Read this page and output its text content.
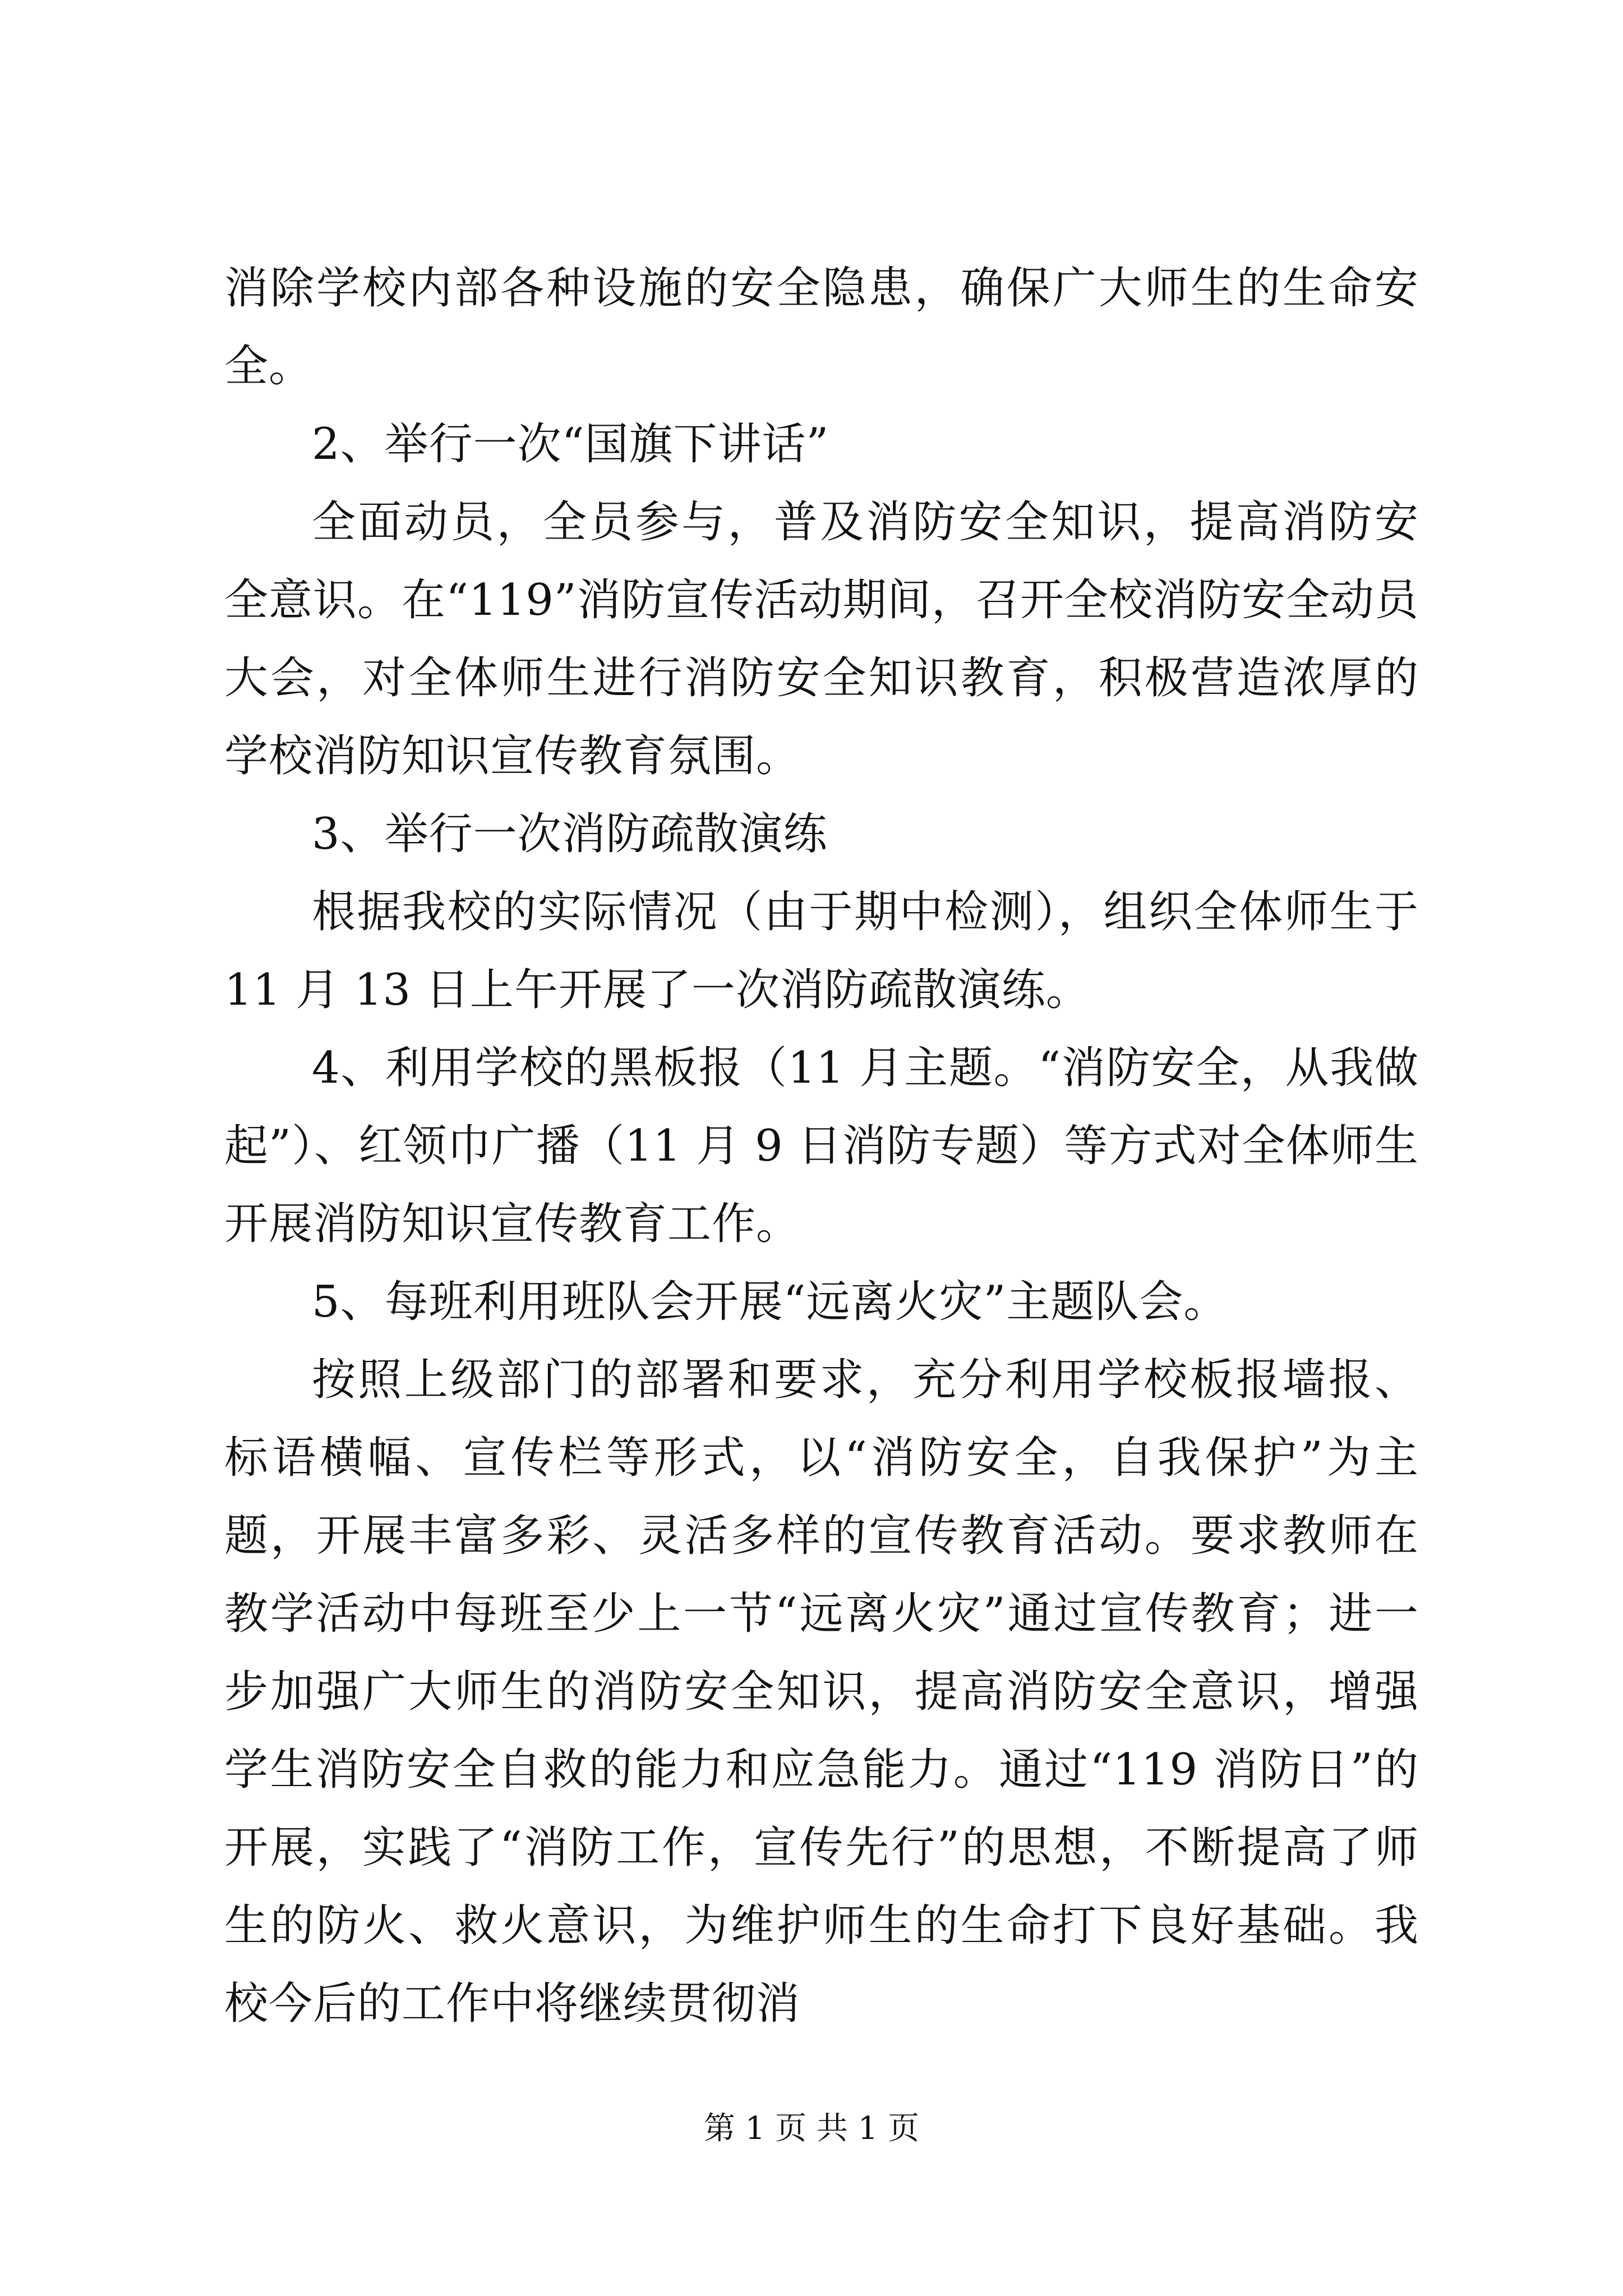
消除学校内部各种设施的安全隐患，确保广大师生的生命安全。

2、举行一次“国旗下讲话”

全面动员，全员参与，普及消防安全知识，提高消防安全意识。在“119”消防宣传活动期间，召开全校消防安全动员大会，对全体师生进行消防安全知识教育，积极营造浓厚的学校消防知识宣传教育氛围。

3、举行一次消防疏散演练

根据我校的实际情况（由于期中检测），组织全体师生于 11 月 13 日上午开展了一次消防疏散演练。

4、利用学校的黑板报（11 月主题。“消防安全，从我做起”）、红领巾广播（11 月 9 日消防专题）等方式对全体师生开展消防知识宣传教育工作。

5、每班利用班队会开展“远离火灾”主题队会。

按照上级部门的部署和要求，充分利用学校板报墙报、标语横幅、宣传栏等形式，以“消防安全，自我保护”为主题，开展丰富多彩、灵活多样的宣传教育活动。要求教师在教学活动中每班至少上一节“远离火灾”通过宣传教育；进一步加强广大师生的消防安全知识，提高消防安全意识，增强学生消防安全自救的能力和应急能力。通过“119 消防日”的开展，实践了“消防工作，宣传先行”的思想，不断提高了师生的防火、救火意识，为维护师生的生命打下良好基础。我校今后的工作中将继续贯彻消

第 1 页 共 1 页
